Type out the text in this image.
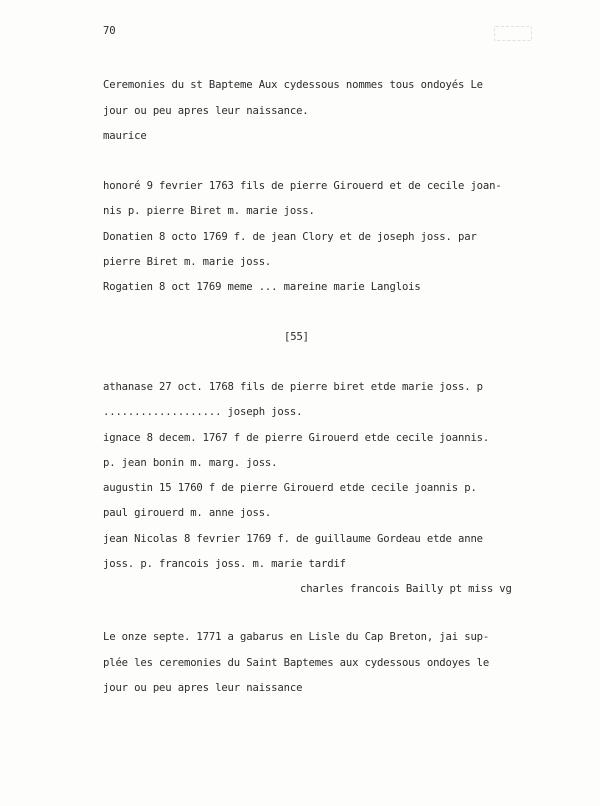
70
Ceremonies du st Bapteme Aux cydessous nommes tous ondoyés Le
jour ou peu apres leur naissance.
maurice
honoré 9 fevrier 1763 fils de pierre Girouerd et de cecile joan-
nis p. pierre Biret m. marie joss.
Donatien 8 octo 1769 f. de jean Clory et de joseph joss. par
pierre Biret m. marie joss.
Rogatien 8 oct 1769 meme ... mareine marie Langlois
[55]
athanase 27 oct. 1768 fils de pierre biret etde marie joss. p
................... joseph joss.
ignace 8 decem. 1767 f de pierre Girouerd etde cecile joannis.
p. jean bonin m. marg. joss.
augustin 15 1760 f de pierre Girouerd etde cecile joannis p.
paul girouerd m. anne joss.
jean Nicolas 8 fevrier 1769 f. de guillaume Gordeau etde anne
joss. p. francois joss. m. marie tardif
charles francois Bailly pt miss vg
Le onze septe. 1771 a gabarus en Lisle du Cap Breton, jai sup-
plée les ceremonies du Saint Baptemes aux cydessous ondoyes le
jour ou peu apres leur naissance
